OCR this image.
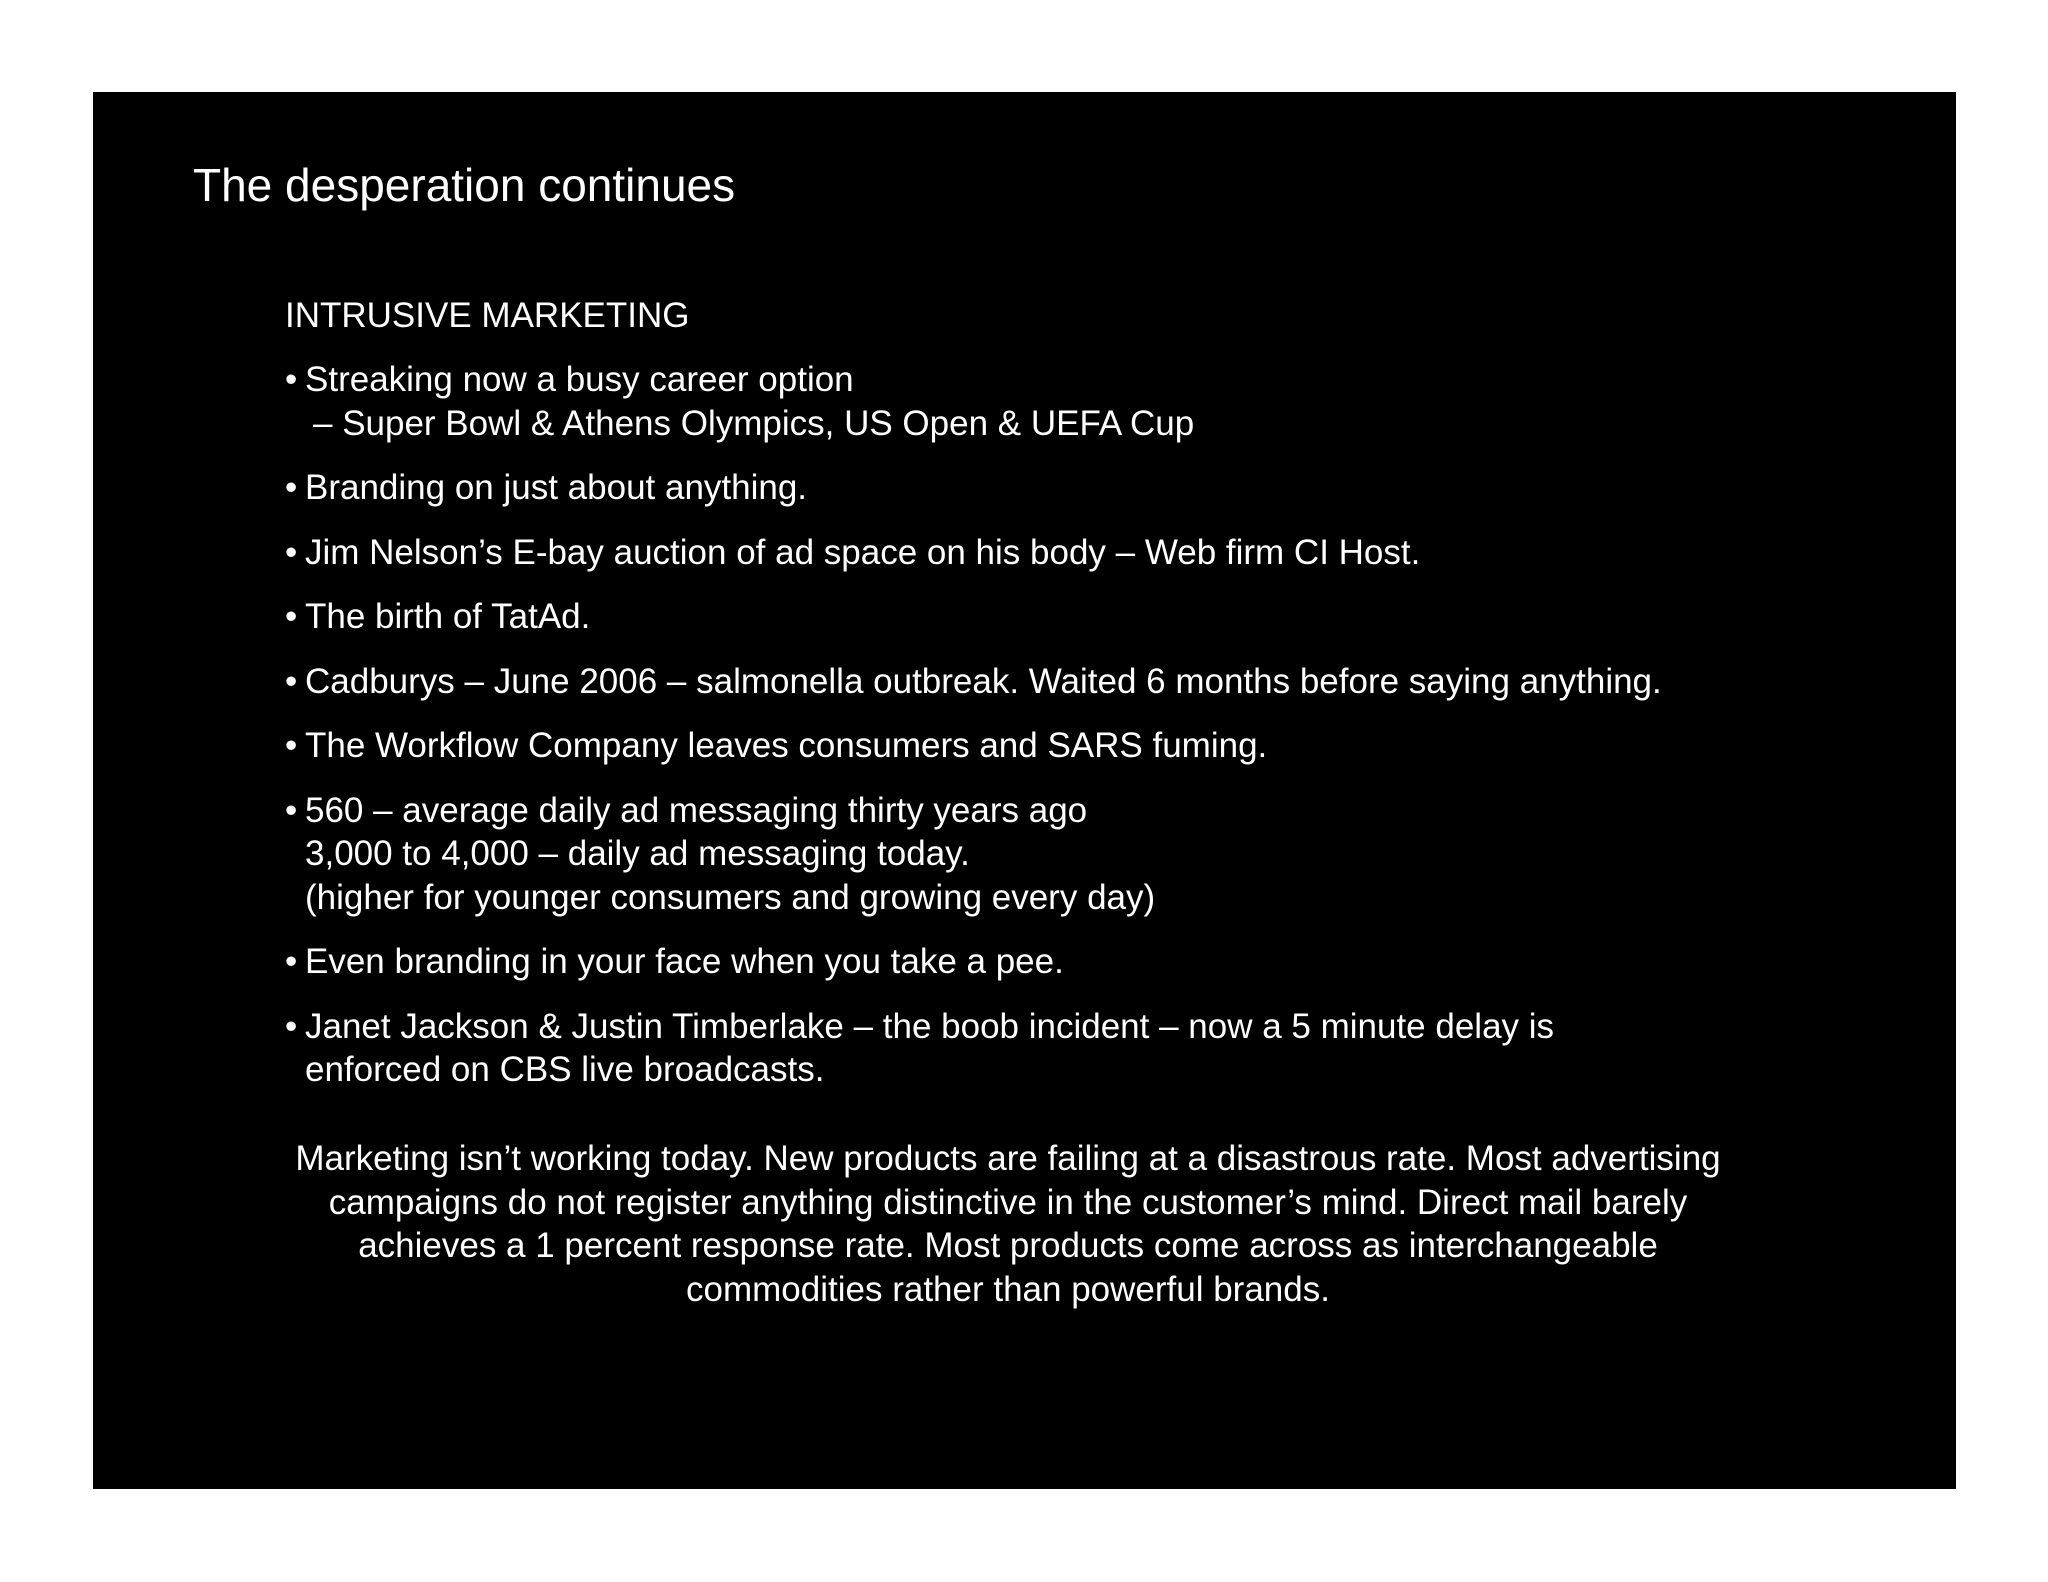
The desperation continues
INTRUSIVE MARKETING
• Streaking now a busy career option
– Super Bowl & Athens Olympics, US Open & UEFA Cup
• Branding on just about anything.
• Jim Nelson’s E-bay auction of ad space on his body – Web firm CI Host.
• The birth of TatAd.
• Cadburys – June 2006 – salmonella outbreak. Waited 6 months before saying anything.
• The Workflow Company leaves consumers and SARS fuming.
• 560 – average daily ad messaging thirty years ago
3,000 to 4,000 – daily ad messaging today.
(higher for younger consumers and growing every day)
• Even branding in your face when you take a pee.
• Janet Jackson & Justin Timberlake – the boob incident – now a 5 minute delay is
enforced on CBS live broadcasts.

Marketing isn’t working today. New products are failing at a disastrous rate. Most advertising
campaigns do not register anything distinctive in the customer’s mind. Direct mail barely
achieves a 1 percent response rate. Most products come across as interchangeable
commodities rather than powerful brands.
